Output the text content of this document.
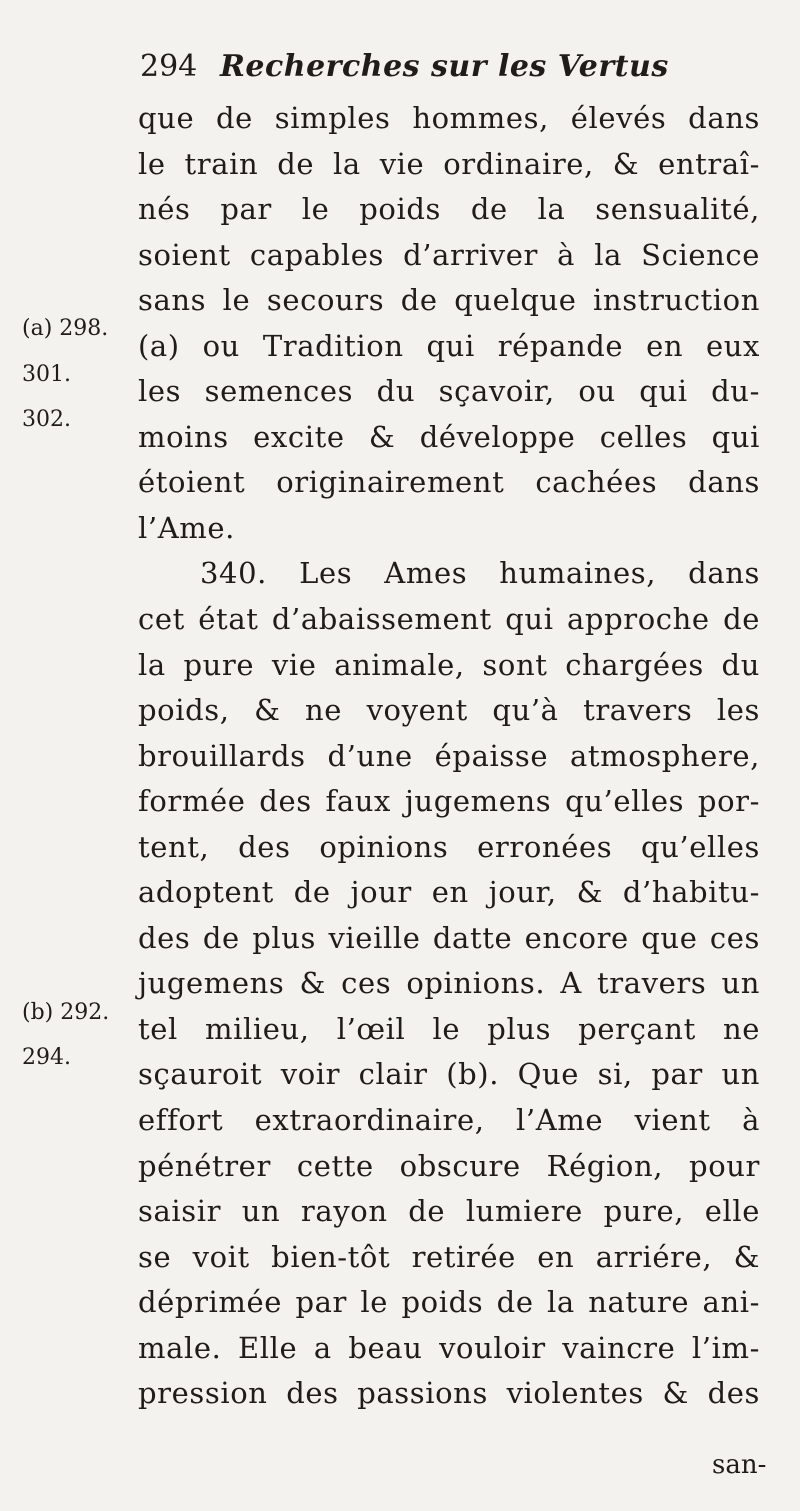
294 Recherches sur les Vertus
que de simples hommes, élevés dans
le train de la vie ordinaire, & entraî-
nés par le poids de la sensualité,
soient capables d’arriver à la Science
sans le secours de quelque instruction
(a) ou Tradition qui répande en eux
les semences du sçavoir, ou qui du-
moins excite & développe celles qui
étoient originairement cachées dans
l’Ame.
340. Les Ames humaines, dans
cet état d’abaissement qui approche de
la pure vie animale, sont chargées du
poids, & ne voyent qu’à travers les
brouillards d’une épaisse atmosphere,
formée des faux jugemens qu’elles por-
tent, des opinions erronées qu’elles
adoptent de jour en jour, & d’habitu-
des de plus vieille datte encore que ces
jugemens & ces opinions. A travers un
tel milieu, l’œil le plus perçant ne
sçauroit voir clair (b). Que si, par un
effort extraordinaire, l’Ame vient à
pénétrer cette obscure Région, pour
saisir un rayon de lumiere pure, elle
se voit bien-tôt retirée en arriére, &
déprimée par le poids de la nature ani-
male. Elle a beau vouloir vaincre l’im-
pression des passions violentes & des
(a) 298.
301.
302.
(b) 292.
294.
san-
